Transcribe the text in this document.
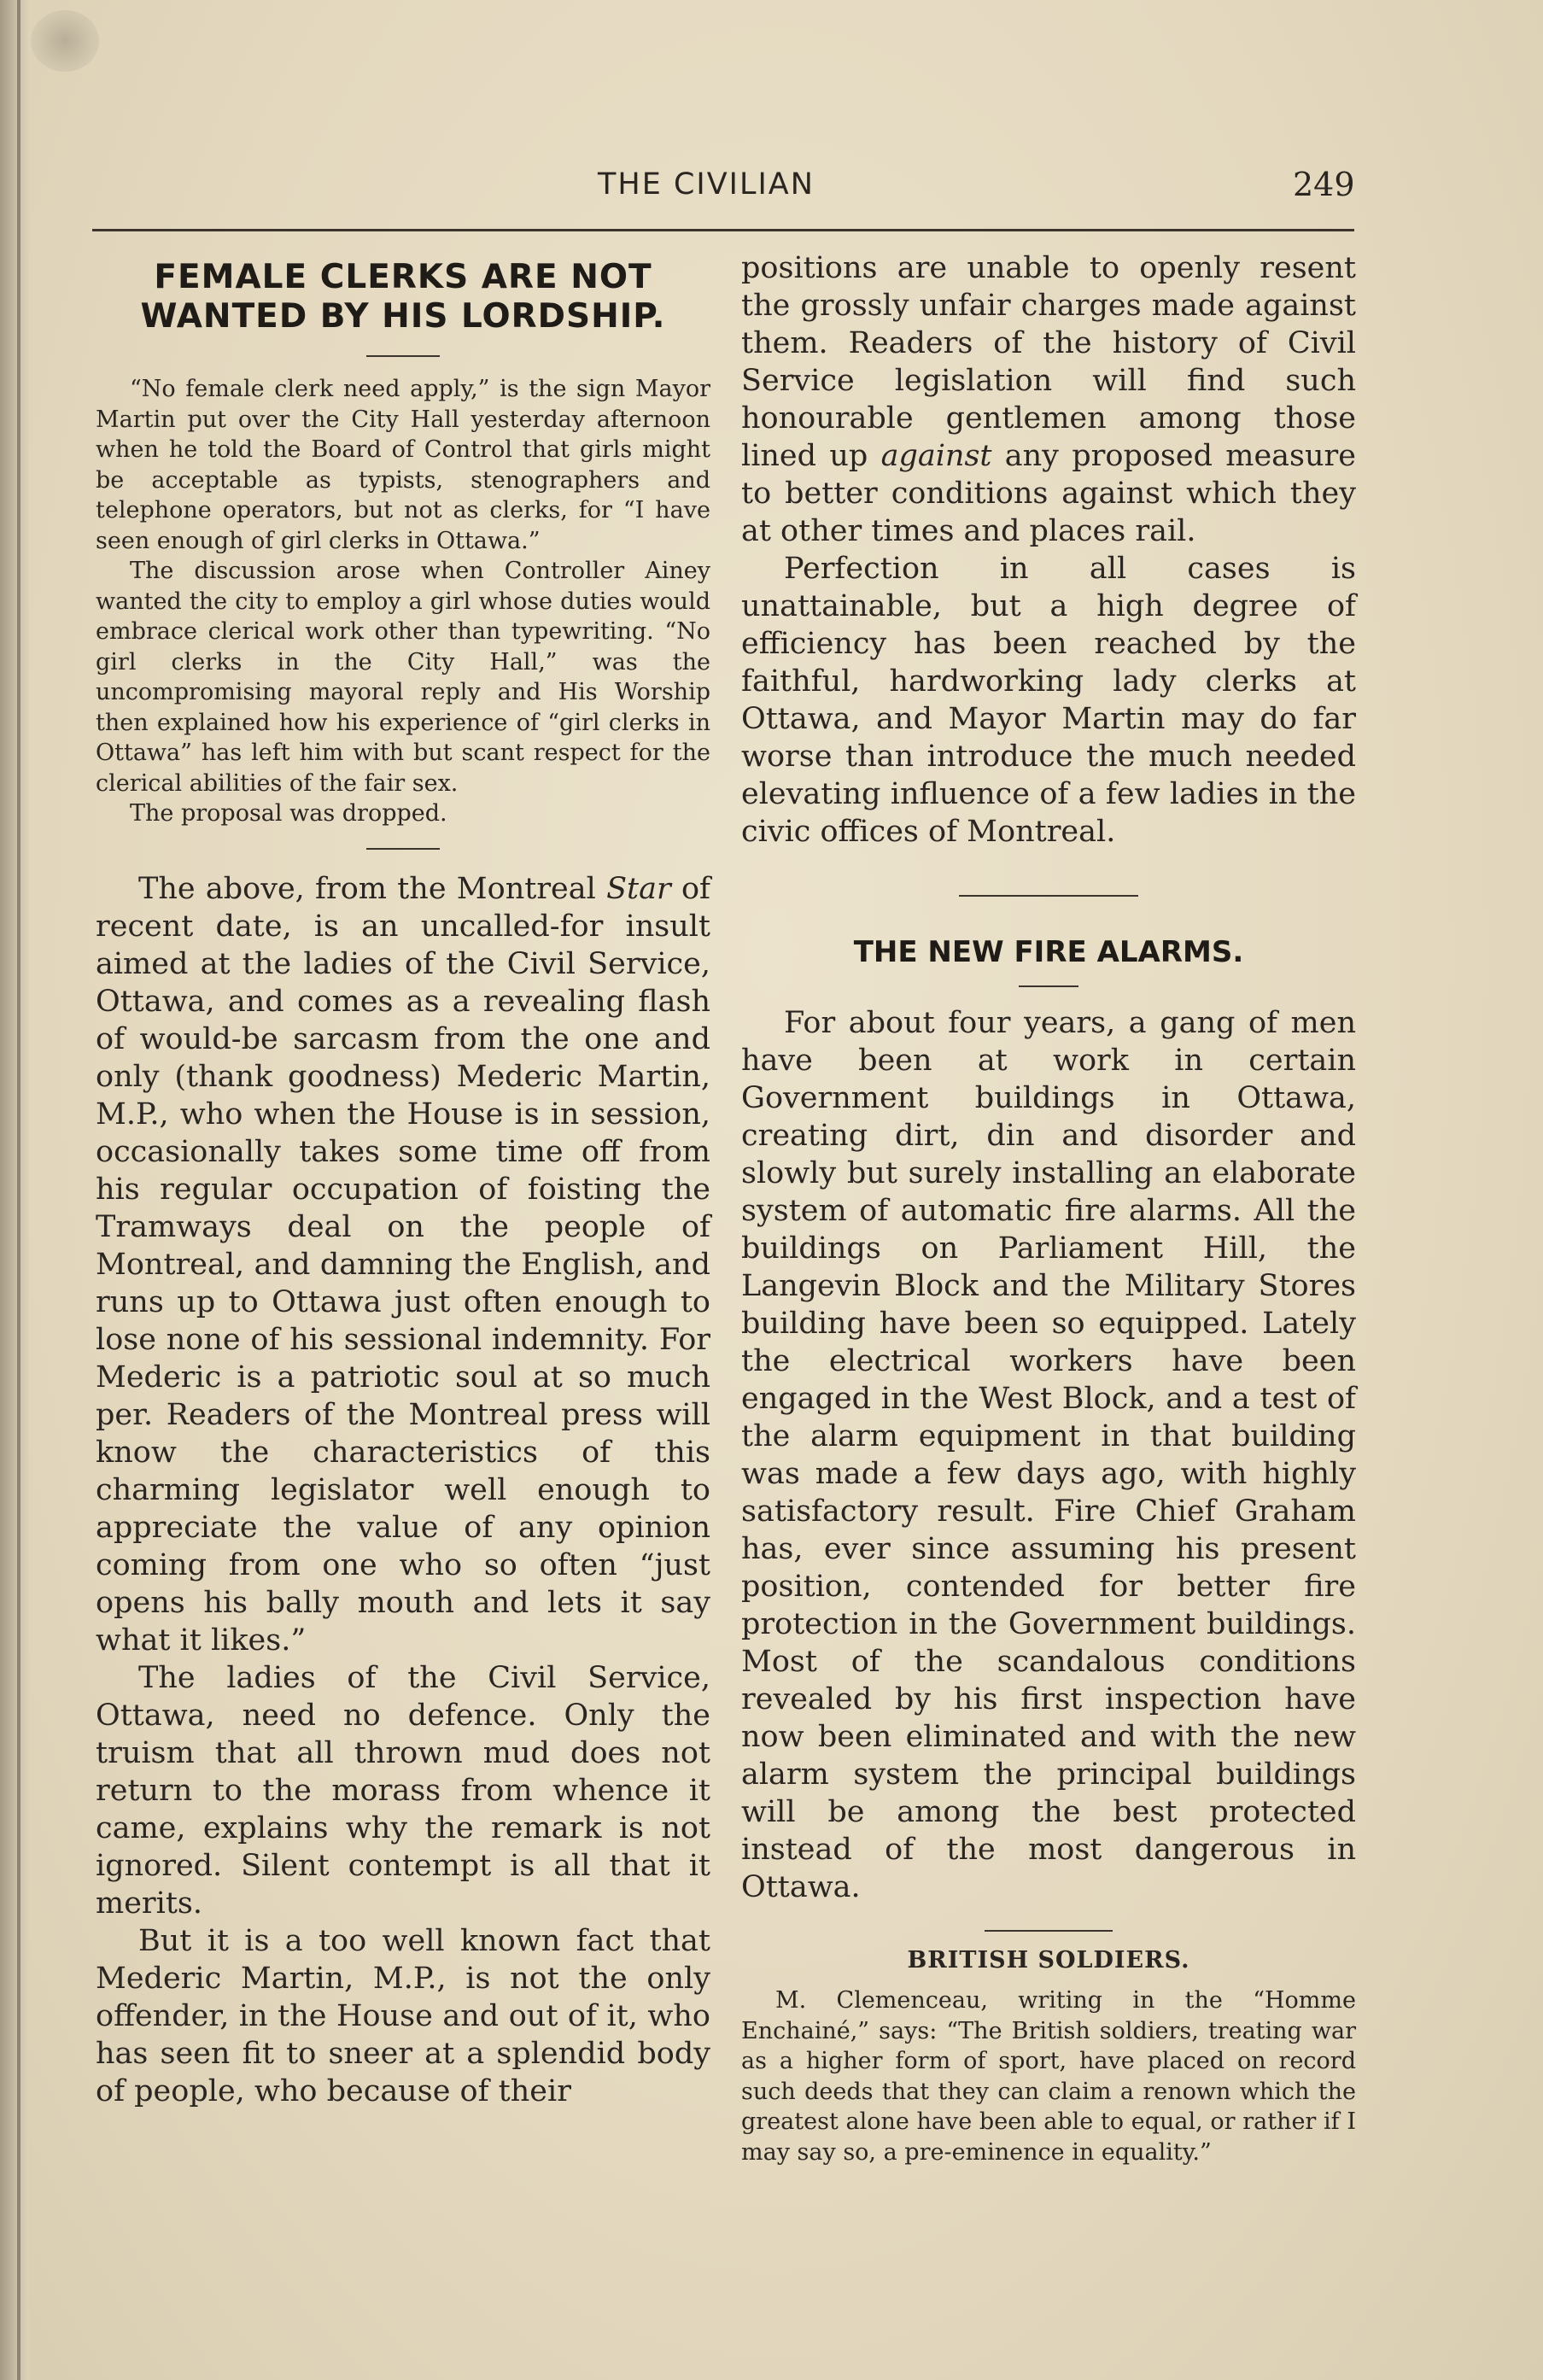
THE CIVILIAN	249
FEMALE CLERKS ARE NOT
WANTED BY HIS LORDSHIP.

“No female clerk need apply,” is the sign Mayor Martin put over the City Hall yesterday afternoon when he told the Board of Control that girls might be acceptable as typists, stenographers and telephone operators, but not as clerks, for “I have seen enough of girl clerks in Ottawa.”

The discussion arose when Controller Ainey wanted the city to employ a girl whose duties would embrace clerical work other than typewriting. “No girl clerks in the City Hall,” was the uncompromising mayoral reply and His Worship then explained how his experience of “girl clerks in Ottawa” has left him with but scant respect for the clerical abilities of the fair sex.

The proposal was dropped.

The above, from the Montreal Star of recent date, is an uncalled-for insult aimed at the ladies of the Civil Service, Ottawa, and comes as a revealing flash of would-be sarcasm from the one and only (thank goodness) Mederic Martin, M.P., who when the House is in session, occasionally takes some time off from his regular occupation of foisting the Tramways deal on the people of Montreal, and damning the English, and runs up to Ottawa just often enough to lose none of his sessional indemnity. For Mederic is a patriotic soul at so much per. Readers of the Montreal press will know the characteristics of this charming legislator well enough to appreciate the value of any opinion coming from one who so often “just opens his bally mouth and lets it say what it likes.”

The ladies of the Civil Service, Ottawa, need no defence. Only the truism that all thrown mud does not return to the morass from whence it came, explains why the remark is not ignored. Silent contempt is all that it merits.

But it is a too well known fact that Mederic Martin, M.P., is not the only offender, in the House and out of it, who has seen fit to sneer at a splendid body of people, who because of their

positions are unable to openly resent the grossly unfair charges made against them. Readers of the history of Civil Service legislation will find such honourable gentlemen among those lined up against any proposed measure to better conditions against which they at other times and places rail.

Perfection in all cases is unattainable, but a high degree of efficiency has been reached by the faithful, hardworking lady clerks at Ottawa, and Mayor Martin may do far worse than introduce the much needed elevating influence of a few ladies in the civic offices of Montreal.

THE NEW FIRE ALARMS.

For about four years, a gang of men have been at work in certain Government buildings in Ottawa, creating dirt, din and disorder and slowly but surely installing an elaborate system of automatic fire alarms. All the buildings on Parliament Hill, the Langevin Block and the Military Stores building have been so equipped. Lately the electrical workers have been engaged in the West Block, and a test of the alarm equipment in that building was made a few days ago, with highly satisfactory result. Fire Chief Graham has, ever since assuming his present position, contended for better fire protection in the Government buildings. Most of the scandalous conditions revealed by his first inspection have now been eliminated and with the new alarm system the principal buildings will be among the best protected instead of the most dangerous in Ottawa.

BRITISH SOLDIERS.

M. Clemenceau, writing in the “Homme Enchainé,” says: “The British soldiers, treating war as a higher form of sport, have placed on record such deeds that they can claim a renown which the greatest alone have been able to equal, or rather if I may say so, a pre-eminence in equality.”
